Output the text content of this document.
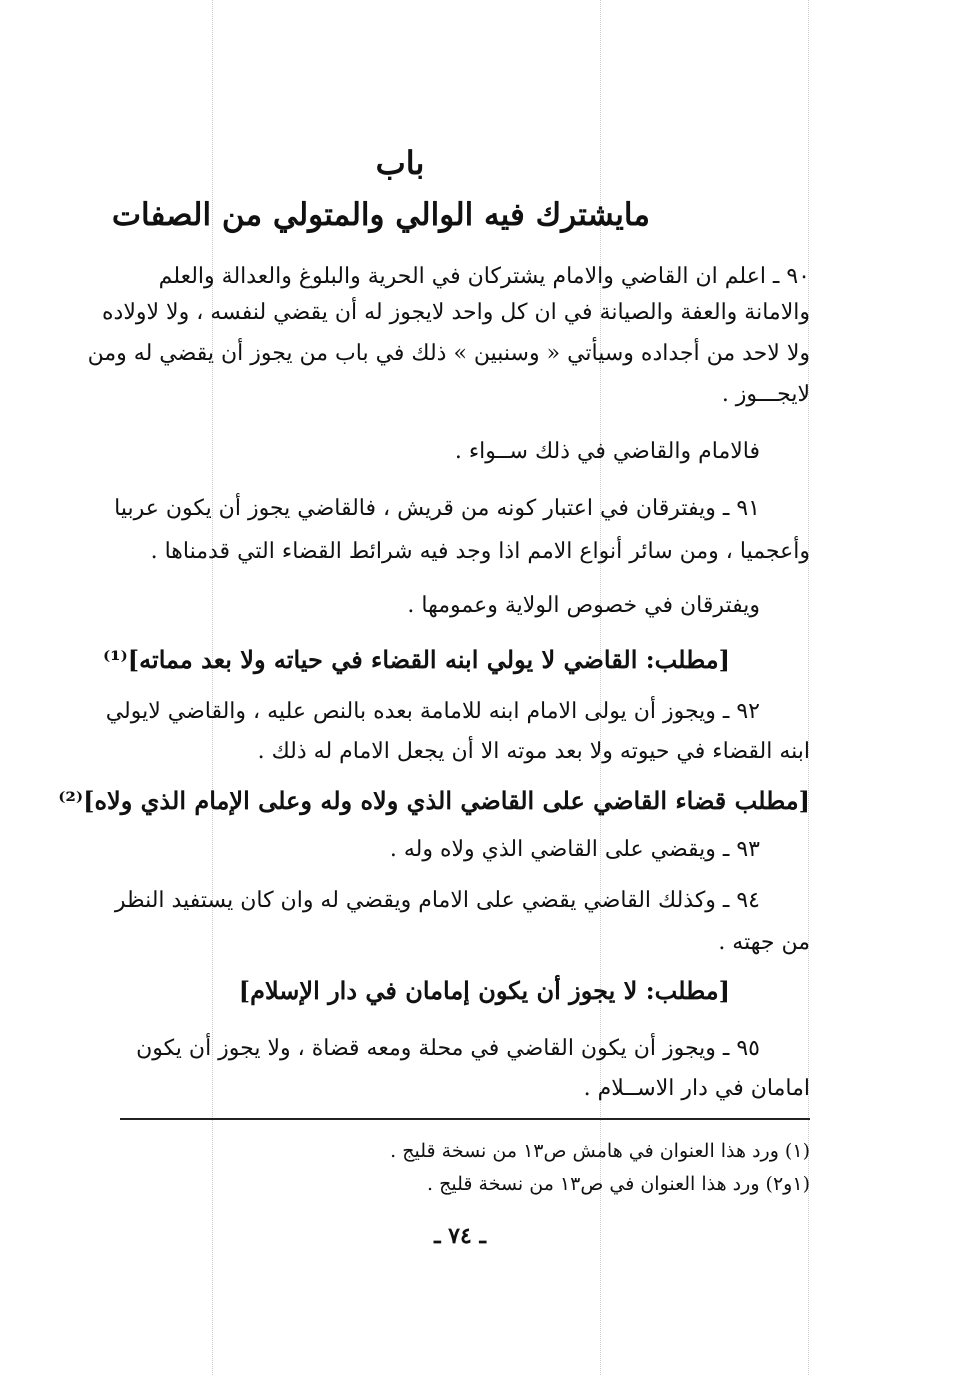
باب
مايشترك فيه الوالي والمتولي من الصفات
٩٠ ـ اعلم ان القاضي والامام يشتركان في الحرية والبلوغ والعدالة والعلم
والامانة والعفة والصيانة في ان كل واحد لايجوز له أن يقضي لنفسه ، ولا لاولاده
ولا لاحد من أجداده وسيأتي « وسنبين » ذلك في باب من يجوز أن يقضي له ومن
لايجـــوز .
فالامام والقاضي في ذلك ســواء .
٩١ ـ ويفترقان في اعتبار كونه من قريش ، فالقاضي يجوز أن يكون عربيا
وأعجميا ، ومن سائر أنواع الامم اذا وجد فيه شرائط القضاء التي قدمناها .
ويفترقان في خصوص الولاية وعمومها .
[مطلب: القاضي لا يولي ابنه القضاء في حياته ولا بعد مماته]⁽¹⁾
٩٢ ـ ويجوز أن يولى الامام ابنه للامامة بعده بالنص عليه ، والقاضي لايولي
ابنه القضاء في حيوته ولا بعد موته الا أن يجعل الامام له ذلك .
[مطلب قضاء القاضي على القاضي الذي ولاه وله وعلى الإمام الذي ولاه]⁽²⁾
٩٣ ـ ويقضي على القاضي الذي ولاه وله .
٩٤ ـ وكذلك القاضي يقضي على الامام ويقضي له وان كان يستفيد النظر
من جهته .
[مطلب: لا يجوز أن يكون إمامان في دار الإسلام]
٩٥ ـ ويجوز أن يكون القاضي في محلة ومعه قضاة ، ولا يجوز أن يكون
امامان في دار الاســلام .
(١) ورد هذا العنوان في هامش ص١٣ من نسخة قليج .
(١و٢) ورد هذا العنوان في ص١٣ من نسخة قليج .
ـ ٧٤ ـ
